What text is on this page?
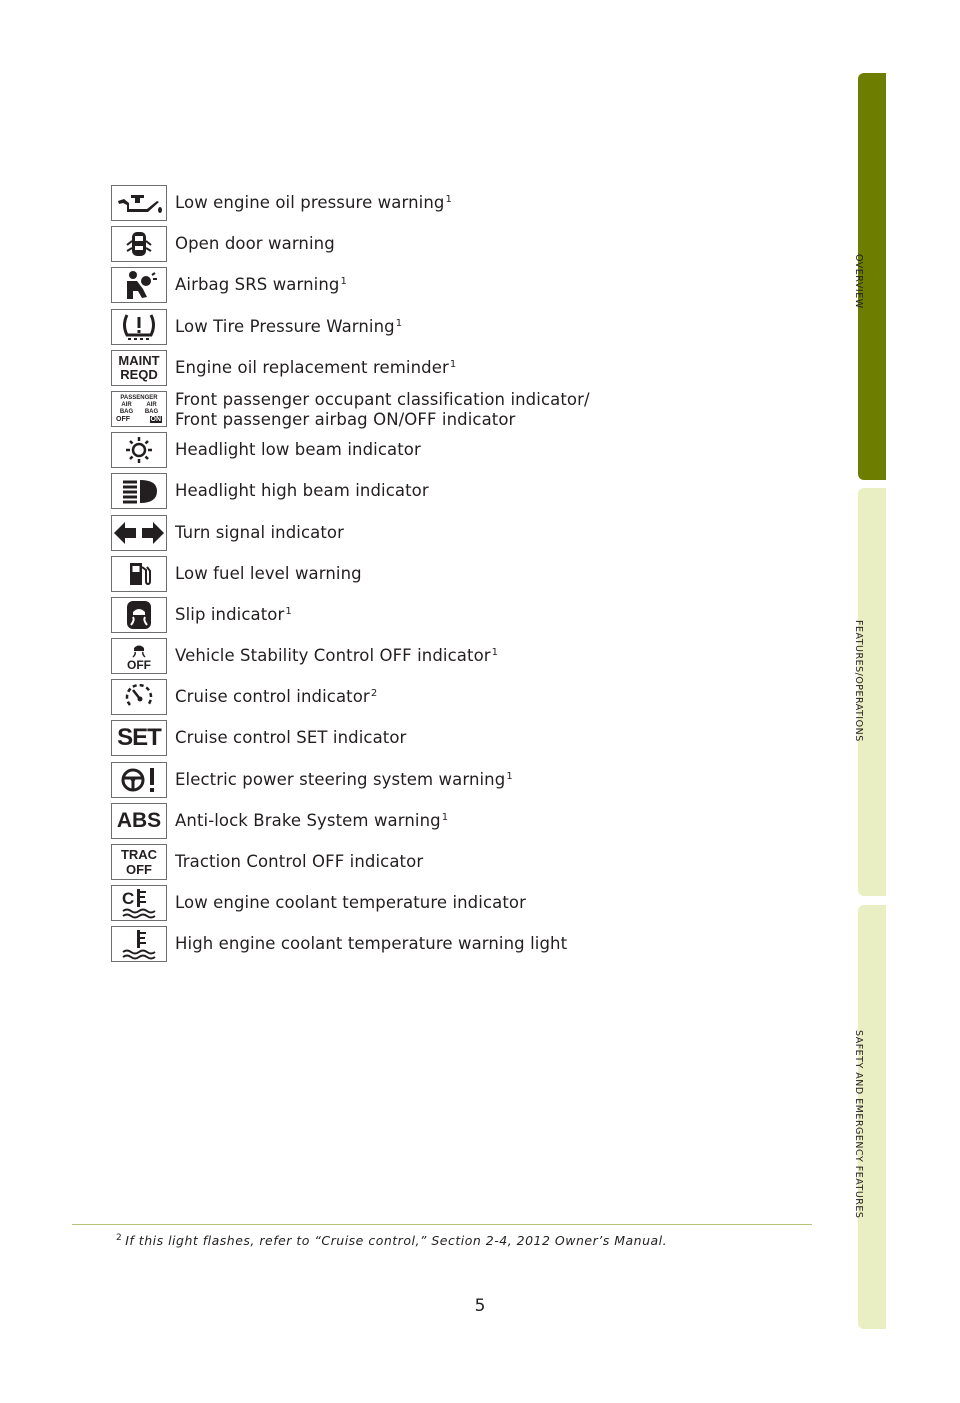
Low engine oil pressure warning$^1$
Open door warning
Airbag SRS warning$^1$
Low Tire Pressure Warning$^1$
MAINT
REQD Engine oil replacement reminder$^1$
PASSENGER
AIR BAG
AIR BAG
OFF	ON
Front passenger occupant classification indicator/
Front passenger airbag ON/OFF indicator
Headlight low beam indicator
Headlight high beam indicator
Turn signal indicator
Low fuel level warning
Slip indicator$^1$
OFF Vehicle Stability Control OFF indicator$^1$
Cruise control indicator$^2$
SET Cruise control SET indicator
Electric power steering system warning$^1$
ABS Anti-lock Brake System warning$^1$
TRAC
OFF	Traction Control OFF indicator
C Low engine coolant temperature indicator
High engine coolant temperature warning light
$^2$ If this light flashes, refer to “Cruise control,” Section 2-4, 2012 Owner’s Manual.
5
OVERVIEW
FEATURES/OPERATIONS
SAFETY AND EMERGENCY FEATURES
